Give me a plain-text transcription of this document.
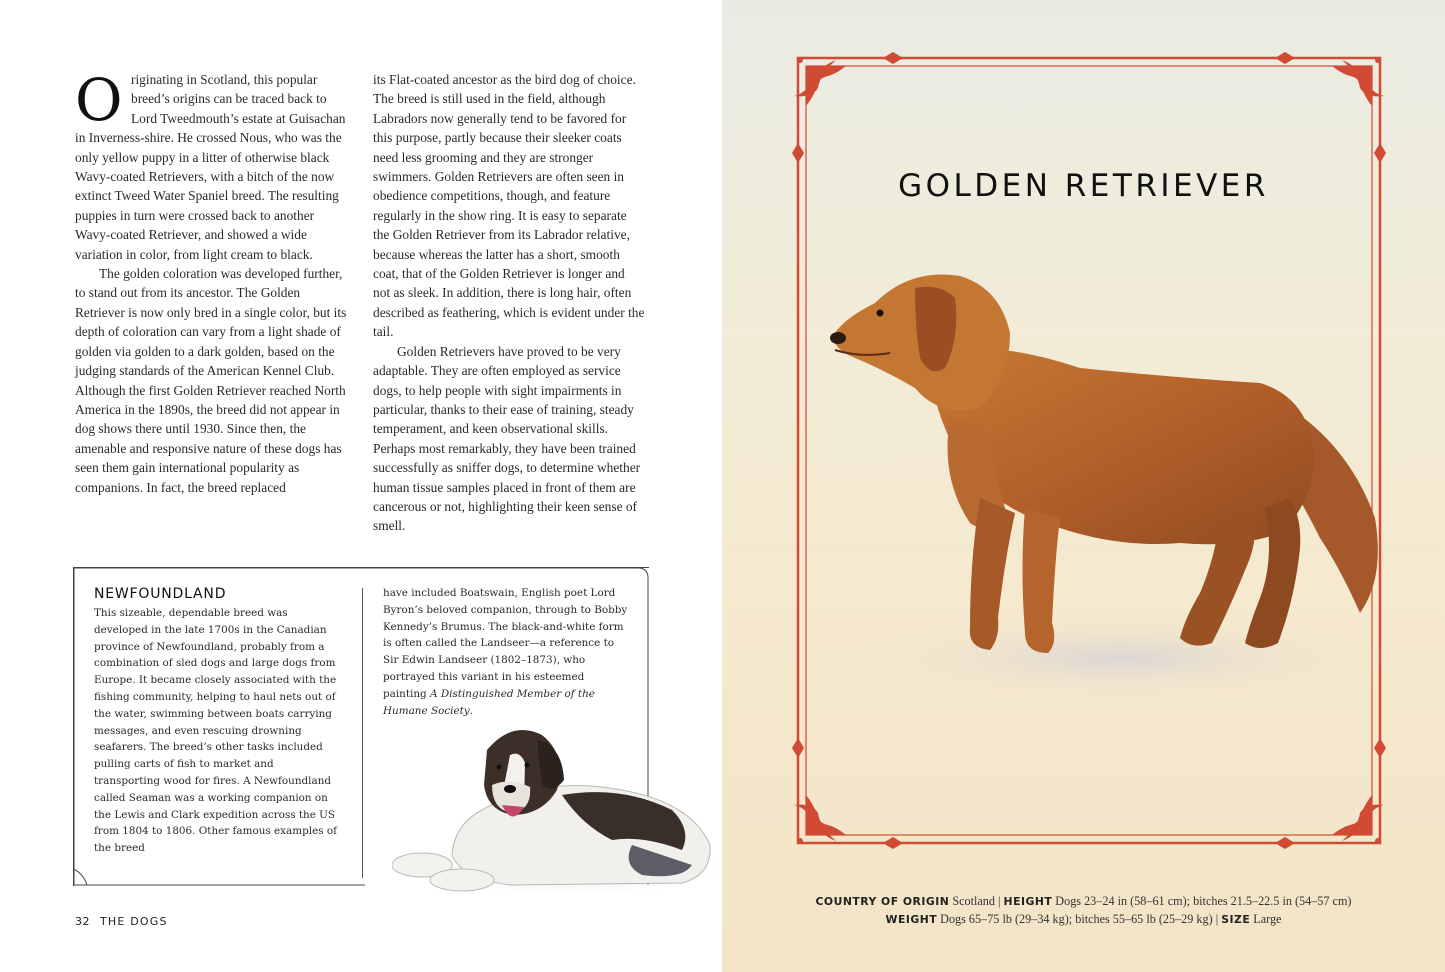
O riginating in Scotland, this popular breed’s origins can be traced back to Lord Tweedmouth’s estate at Guisachan in Inverness-shire. He crossed Nous, who was the only yellow puppy in a litter of otherwise black Wavy-coated Retrievers, with a bitch of the now extinct Tweed Water Spaniel breed. The resulting puppies in turn were crossed back to another Wavy-coated Retriever, and showed a wide variation in color, from light cream to black.

The golden coloration was developed further, to stand out from its ancestor. The Golden Retriever is now only bred in a single color, but its depth of coloration can vary from a light shade of golden via golden to a dark golden, based on the judging standards of the American Kennel Club. Although the first Golden Retriever reached North America in the 1890s, the breed did not appear in dog shows there until 1930. Since then, the amenable and responsive nature of these dogs has seen them gain international popularity as companions. In fact, the breed replaced

its Flat-coated ancestor as the bird dog of choice. The breed is still used in the field, although Labradors now generally tend to be favored for this purpose, partly because their sleeker coats need less grooming and they are stronger swimmers. Golden Retrievers are often seen in obedience competitions, though, and feature regularly in the show ring. It is easy to separate the Golden Retriever from its Labrador relative, because whereas the latter has a short, smooth coat, that of the Golden Retriever is longer and not as sleek. In addition, there is long hair, often described as feathering, which is evident under the tail.

Golden Retrievers have proved to be very adaptable. They are often employed as service dogs, to help people with sight impairments in particular, thanks to their ease of training, steady temperament, and keen observational skills. Perhaps most remarkably, they have been trained successfully as sniffer dogs, to determine whether human tissue samples placed in front of them are cancerous or not, highlighting their keen sense of smell.

NEWFOUNDLAND

This sizeable, dependable breed was developed in the late 1700s in the Canadian province of Newfoundland, probably from a combination of sled dogs and large dogs from Europe. It became closely associated with the fishing community, helping to haul nets out of the water, swimming between boats carrying messages, and even rescuing drowning seafarers. The breed’s other tasks included pulling carts of fish to market and transporting wood for fires. A Newfoundland called Seaman was a working companion on the Lewis and Clark expedition across the US from 1804 to 1806. Other famous examples of the breed

have included Boatswain, English poet Lord Byron’s beloved companion, through to Bobby Kennedy’s Brumus. The black-and-white form is often called the Landseer—a reference to Sir Edwin Landseer (1802–1873), who portrayed this variant in his esteemed painting A Distinguished Member of the Humane Society.

32 THE DOGS
GOLDEN RETRIEVER
COUNTRY OF ORIGIN Scotland | HEIGHT Dogs 23–24 in (58–61 cm); bitches 21.5–22.5 in (54–57 cm)
WEIGHT Dogs 65–75 lb (29–34 kg); bitches 55–65 lb (25–29 kg) | SIZE Large
